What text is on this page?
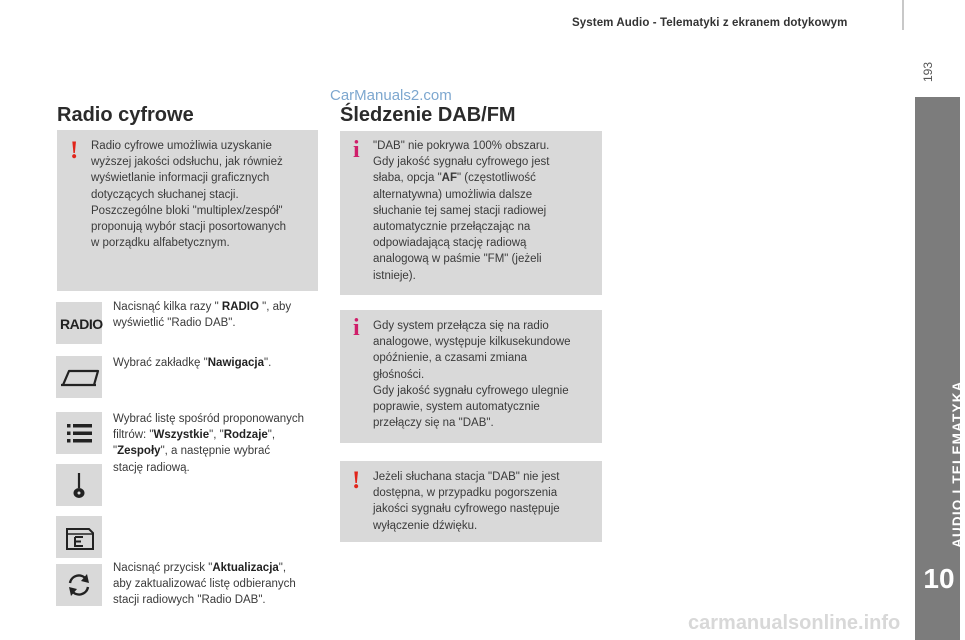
System Audio - Telematyki z ekranem dotykowym
193
AUDIO I TELEMATYKA
10
CarManuals2.com
carmanualsonline.info
Radio cyfrowe
! Radio cyfrowe umożliwia uzyskanie
wyższej jakości odsłuchu, jak również
wyświetlanie informacji graficznych
dotyczących słuchanej stacji.
Poszczególne bloki "multiplex/zespół"
proponują wybór stacji posortowanych
w porządku alfabetycznym.
RADIO
Nacisnąć kilka razy " RADIO ", aby
wyświetlić "Radio DAB".
Wybrać zakładkę "Nawigacja".
Wybrać listę spośród proponowanych
filtrów: "Wszystkie", "Rodzaje",
"Zespoły", a następnie wybrać
stację radiową.
Nacisnąć przycisk "Aktualizacja",
aby zaktualizować listę odbieranych
stacji radiowych "Radio DAB".
Śledzenie DAB/FM
i "DAB" nie pokrywa 100% obszaru.
Gdy jakość sygnału cyfrowego jest
słaba, opcja "AF" (częstotliwość
alternatywna) umożliwia dalsze
słuchanie tej samej stacji radiowej
automatycznie przełączając na
odpowiadającą stację radiową
analogową w paśmie "FM" (jeżeli
istnieje).
i Gdy system przełącza się na radio
analogowe, występuje kilkusekundowe
opóźnienie, a czasami zmiana
głośności.
Gdy jakość sygnału cyfrowego ulegnie
poprawie, system automatycznie
przełączy się na "DAB".
! Jeżeli słuchana stacja "DAB" nie jest
dostępna, w przypadku pogorszenia
jakości sygnału cyfrowego następuje
wyłączenie dźwięku.
